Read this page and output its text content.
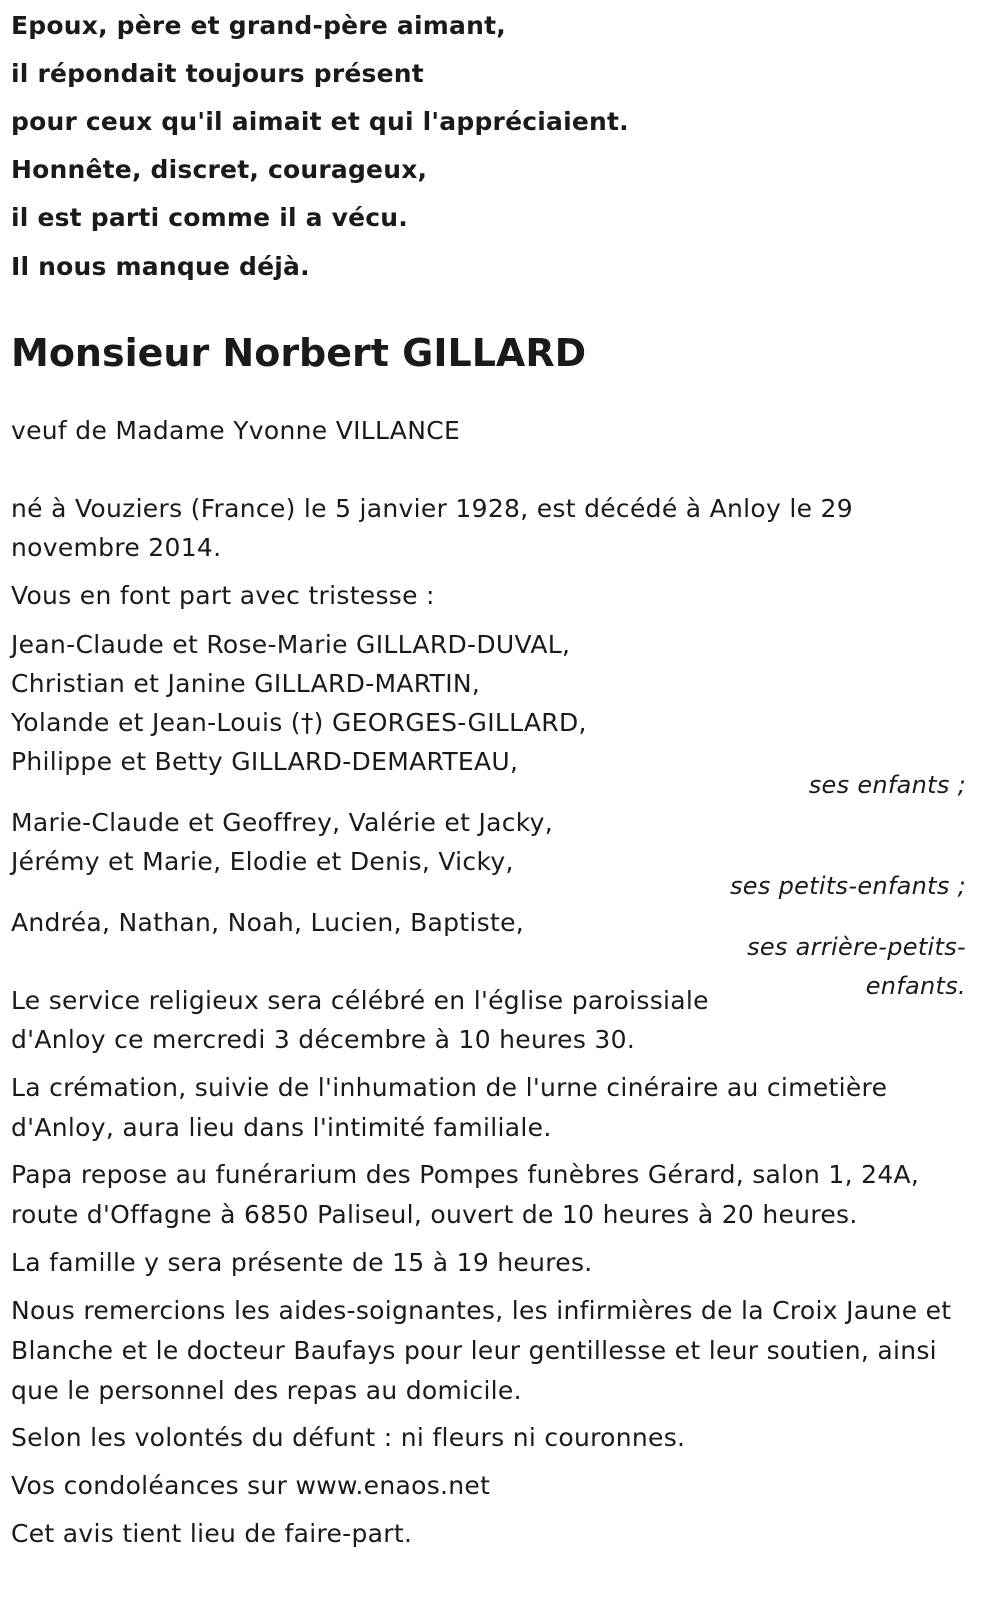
Epoux, père et grand-père aimant,
il répondait toujours présent
pour ceux qu'il aimait et qui l'appréciaient.
Honnête, discret, courageux,
il est parti comme il a vécu.
Il nous manque déjà.
Monsieur Norbert GILLARD
veuf de Madame Yvonne VILLANCE
né à Vouziers (France) le 5 janvier 1928, est décédé à Anloy le 29
novembre 2014.
Vous en font part avec tristesse :
Jean-Claude et Rose-Marie GILLARD-DUVAL,
Christian et Janine GILLARD-MARTIN,
Yolande et Jean-Louis (†) GEORGES-GILLARD,
Philippe et Betty GILLARD-DEMARTEAU,
ses enfants ;
Marie-Claude et Geoffrey, Valérie et Jacky,
Jérémy et Marie, Elodie et Denis, Vicky,
ses petits-enfants ;
Andréa, Nathan, Noah, Lucien, Baptiste,
ses arrière-petits-
enfants.
Le service religieux sera célébré en l'église paroissiale
d'Anloy ce mercredi 3 décembre à 10 heures 30.
La crémation, suivie de l'inhumation de l'urne cinéraire au cimetière d'Anloy, aura lieu dans l'intimité familiale.
Papa repose au funérarium des Pompes funèbres Gérard, salon 1, 24A, route d'Offagne à 6850 Paliseul, ouvert de 10 heures à 20 heures.
La famille y sera présente de 15 à 19 heures.
Nous remercions les aides-soignantes, les infirmières de la Croix Jaune et Blanche et le docteur Baufays pour leur gentillesse et leur soutien, ainsi que le personnel des repas au domicile.
Selon les volontés du défunt : ni fleurs ni couronnes.
Vos condoléances sur www.enaos.net
Cet avis tient lieu de faire-part.
